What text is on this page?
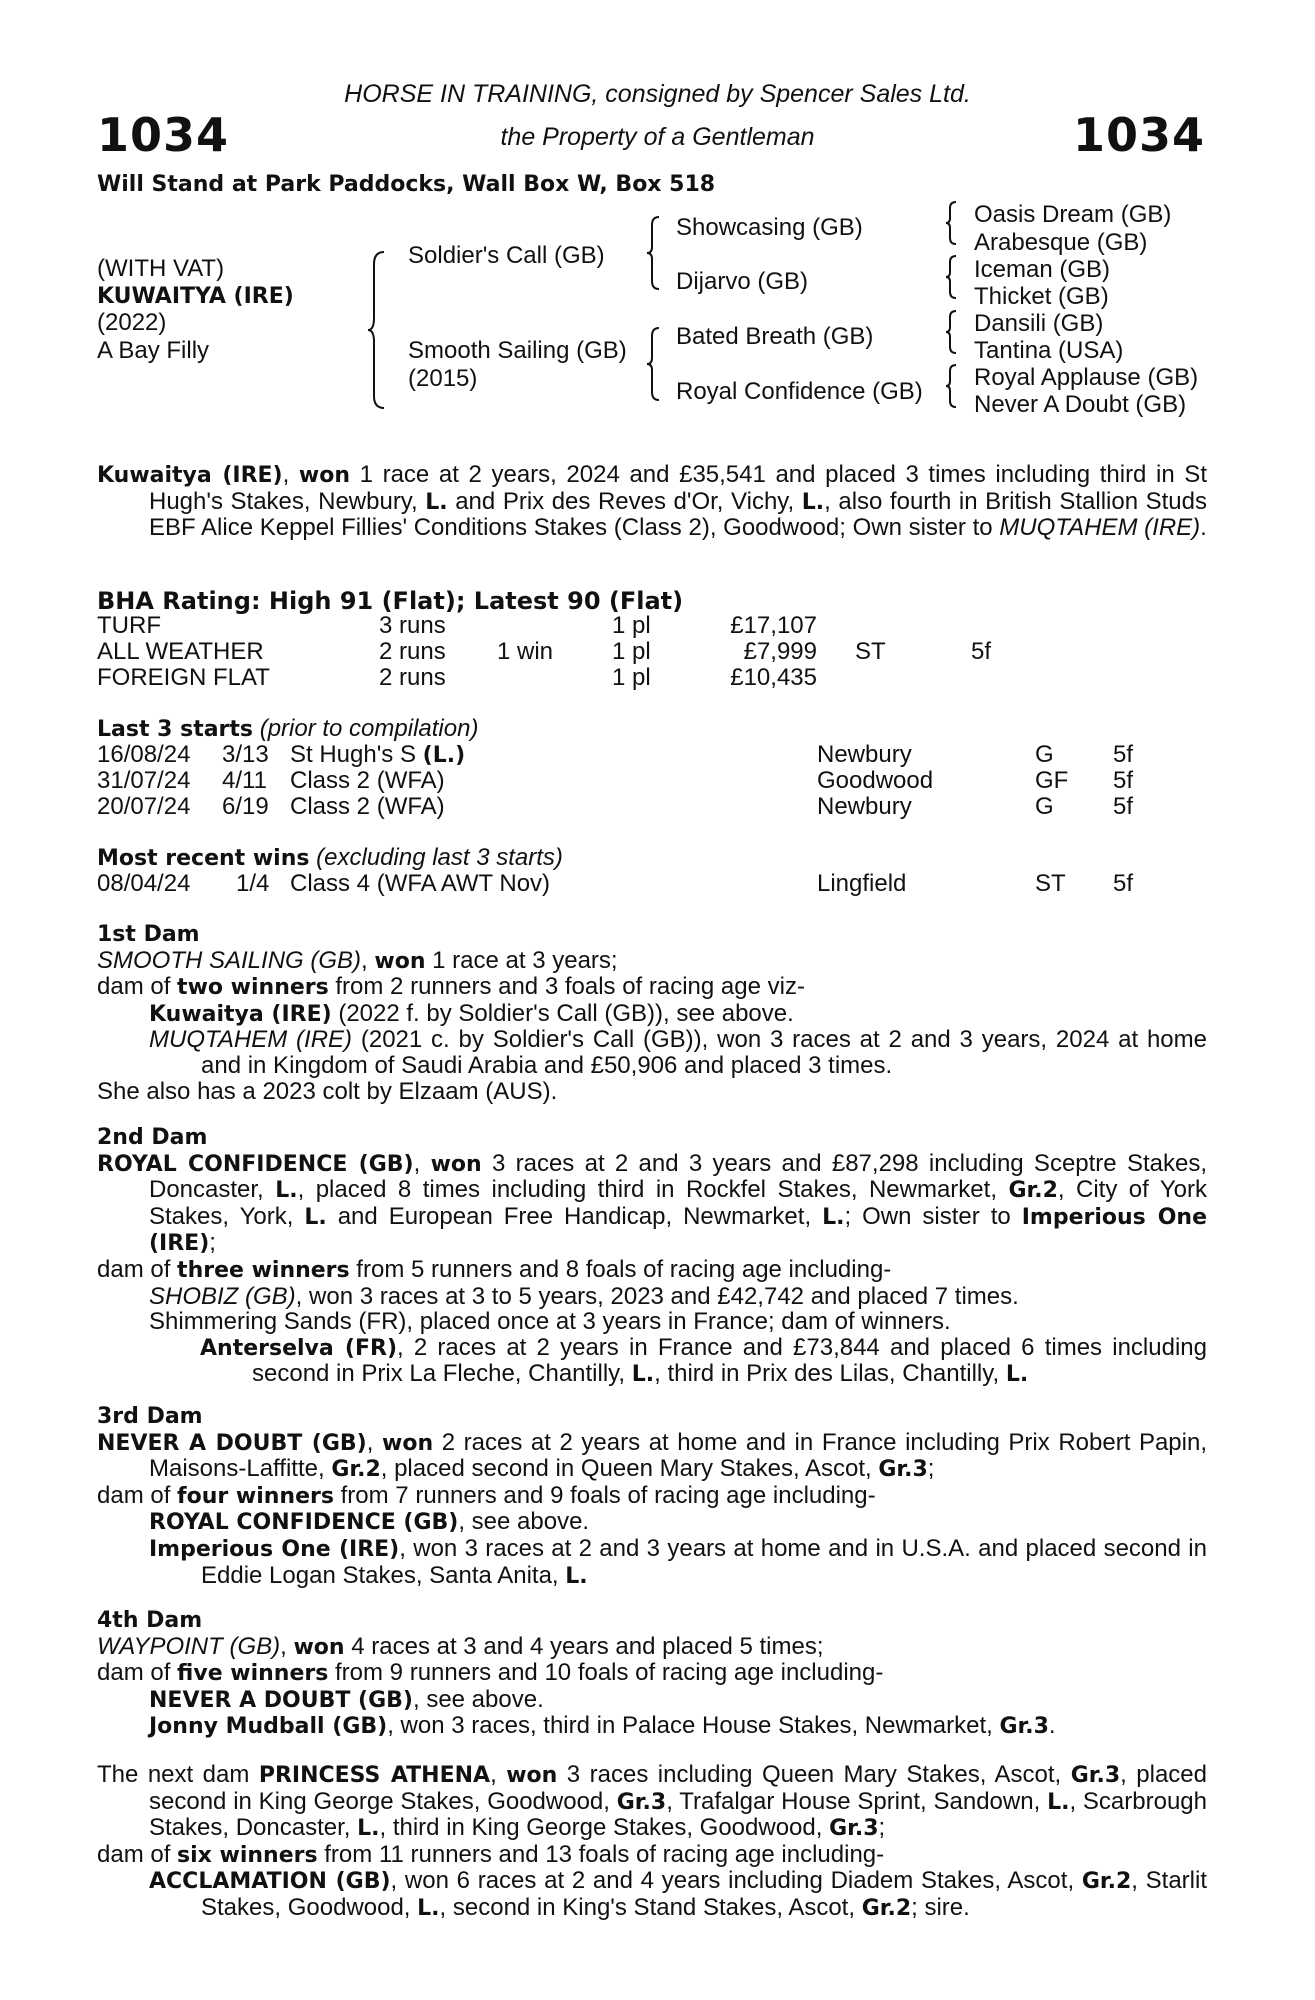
1034	1034
HORSE IN TRAINING, consigned by Spencer Sales Ltd.
the Property of a Gentleman
Will Stand at Park Paddocks, Wall Box W, Box 518
(WITH VAT)
KUWAITYA (IRE)
(2022)
A Bay Filly
Soldier's Call (GB)
Smooth Sailing (GB)
(2015)
Showcasing (GB)
Dijarvo (GB)
Bated Breath (GB)
Royal Confidence (GB)
Oasis Dream (GB)
Arabesque (GB)
Iceman (GB)
Thicket (GB)
Dansili (GB)
Tantina (USA)
Royal Applause (GB)
Never A Doubt (GB)

Kuwaitya (IRE), won 1 race at 2 years, 2024 and £35,541 and placed 3 times including third in St Hugh's Stakes, Newbury, L. and Prix des Reves d'Or, Vichy, L., also fourth in British Stallion Studs EBF Alice Keppel Fillies' Conditions Stakes (Class 2), Goodwood; Own sister to MUQTAHEM (IRE).

BHA Rating: High 91 (Flat); Latest 90 (Flat)
TURF	3 runs	1 pl	£17,107
ALL WEATHER	2 runs 1 win 1 pl	£7,999 ST	5f
FOREIGN FLAT	2 runs	1 pl	£10,435
Last 3 starts (prior to compilation)
16/08/24 3/13 St Hugh's S (L.)	Newbury	G 5f
31/07/24 4/11 Class 2 (WFA)	Goodwood	GF 5f
20/07/24 6/19 Class 2 (WFA)	Newbury	G 5f
Most recent wins (excluding last 3 starts)
08/04/24 1/4 Class 4 (WFA AWT Nov)	Lingfield	ST 5f

1st Dam

SMOOTH SAILING (GB), won 1 race at 3 years;

dam of two winners from 2 runners and 3 foals of racing age viz-

Kuwaitya (IRE) (2022 f. by Soldier's Call (GB)), see above.

MUQTAHEM (IRE) (2021 c. by Soldier's Call (GB)), won 3 races at 2 and 3 years, 2024 at home and in Kingdom of Saudi Arabia and £50,906 and placed 3 times.

She also has a 2023 colt by Elzaam (AUS).

2nd Dam

ROYAL CONFIDENCE (GB), won 3 races at 2 and 3 years and £87,298 including Sceptre Stakes, Doncaster, L., placed 8 times including third in Rockfel Stakes, Newmarket, Gr.2, City of York Stakes, York, L. and European Free Handicap, Newmarket, L.; Own sister to Imperious One (IRE);

dam of three winners from 5 runners and 8 foals of racing age including-

SHOBIZ (GB), won 3 races at 3 to 5 years, 2023 and £42,742 and placed 7 times.

Shimmering Sands (FR), placed once at 3 years in France; dam of winners.

Anterselva (FR), 2 races at 2 years in France and £73,844 and placed 6 times including second in Prix La Fleche, Chantilly, L., third in Prix des Lilas, Chantilly, L.

3rd Dam

NEVER A DOUBT (GB), won 2 races at 2 years at home and in France including Prix Robert Papin, Maisons-Laffitte, Gr.2, placed second in Queen Mary Stakes, Ascot, Gr.3;

dam of four winners from 7 runners and 9 foals of racing age including-

ROYAL CONFIDENCE (GB), see above.

Imperious One (IRE), won 3 races at 2 and 3 years at home and in U.S.A. and placed second in Eddie Logan Stakes, Santa Anita, L.

4th Dam

WAYPOINT (GB), won 4 races at 3 and 4 years and placed 5 times;

dam of five winners from 9 runners and 10 foals of racing age including-

NEVER A DOUBT (GB), see above.

Jonny Mudball (GB), won 3 races, third in Palace House Stakes, Newmarket, Gr.3.

The next dam PRINCESS ATHENA, won 3 races including Queen Mary Stakes, Ascot, Gr.3, placed second in King George Stakes, Goodwood, Gr.3, Trafalgar House Sprint, Sandown, L., Scarbrough Stakes, Doncaster, L., third in King George Stakes, Goodwood, Gr.3;

dam of six winners from 11 runners and 13 foals of racing age including-

ACCLAMATION (GB), won 6 races at 2 and 4 years including Diadem Stakes, Ascot, Gr.2, Starlit Stakes, Goodwood, L., second in King's Stand Stakes, Ascot, Gr.2; sire.
